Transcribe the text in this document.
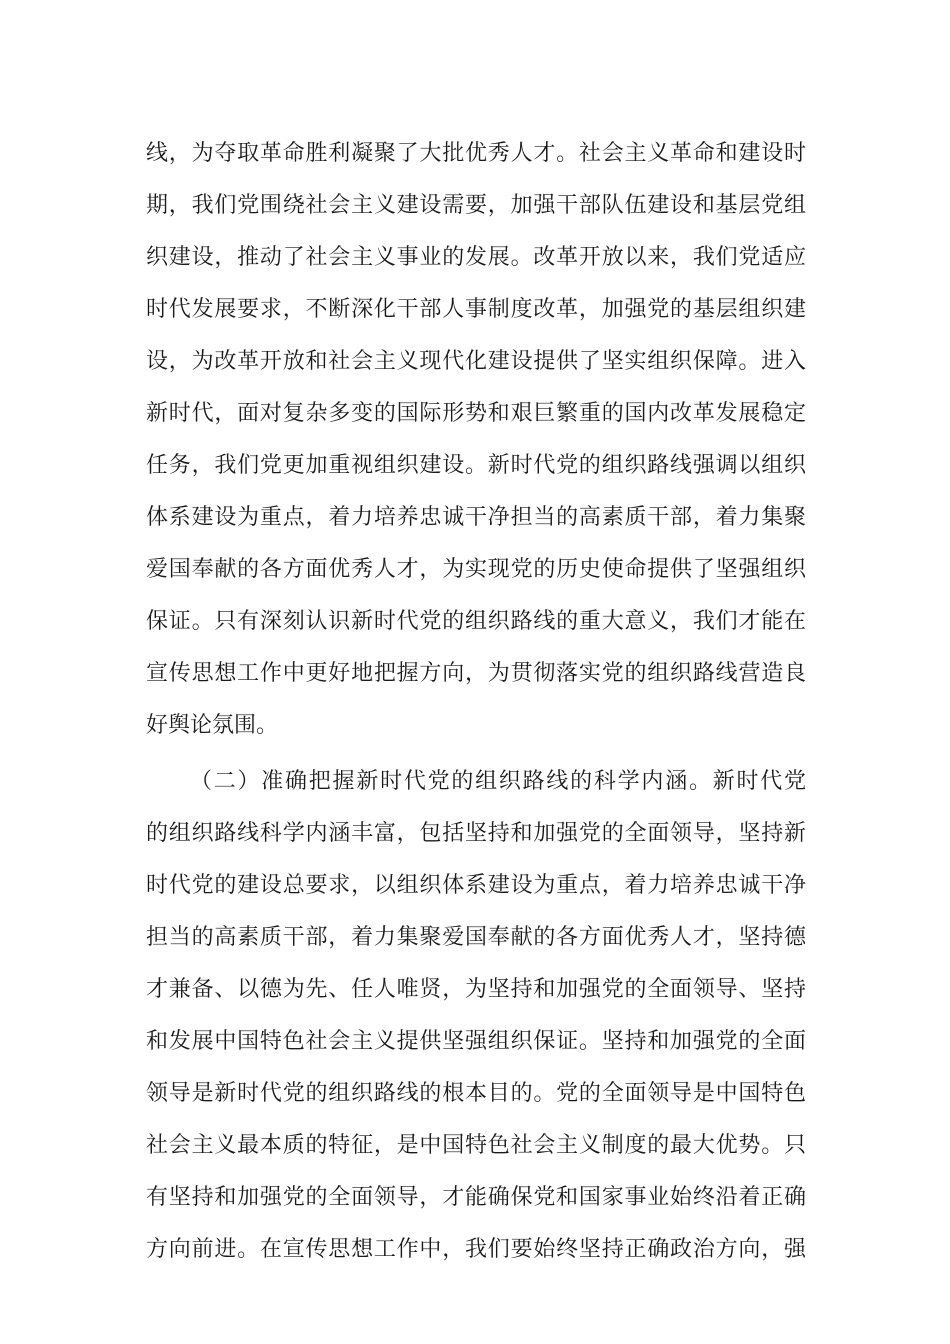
线，为夺取革命胜利凝聚了大批优秀人才。社会主义革命和建设时
期，我们党围绕社会主义建设需要，加强干部队伍建设和基层党组
织建设，推动了社会主义事业的发展。改革开放以来，我们党适应
时代发展要求，不断深化干部人事制度改革，加强党的基层组织建
设，为改革开放和社会主义现代化建设提供了坚实组织保障。进入
新时代，面对复杂多变的国际形势和艰巨繁重的国内改革发展稳定
任务，我们党更加重视组织建设。新时代党的组织路线强调以组织
体系建设为重点，着力培养忠诚干净担当的高素质干部，着力集聚
爱国奉献的各方面优秀人才，为实现党的历史使命提供了坚强组织
保证。只有深刻认识新时代党的组织路线的重大意义，我们才能在
宣传思想工作中更好地把握方向，为贯彻落实党的组织路线营造良
好舆论氛围。
（二）准确把握新时代党的组织路线的科学内涵。新时代党
的组织路线科学内涵丰富，包括坚持和加强党的全面领导，坚持新
时代党的建设总要求，以组织体系建设为重点，着力培养忠诚干净
担当的高素质干部，着力集聚爱国奉献的各方面优秀人才，坚持德
才兼备、以德为先、任人唯贤，为坚持和加强党的全面领导、坚持
和发展中国特色社会主义提供坚强组织保证。坚持和加强党的全面
领导是新时代党的组织路线的根本目的。党的全面领导是中国特色
社会主义最本质的特征，是中国特色社会主义制度的最大优势。只
有坚持和加强党的全面领导，才能确保党和国家事业始终沿着正确
方向前进。在宣传思想工作中，我们要始终坚持正确政治方向，强
